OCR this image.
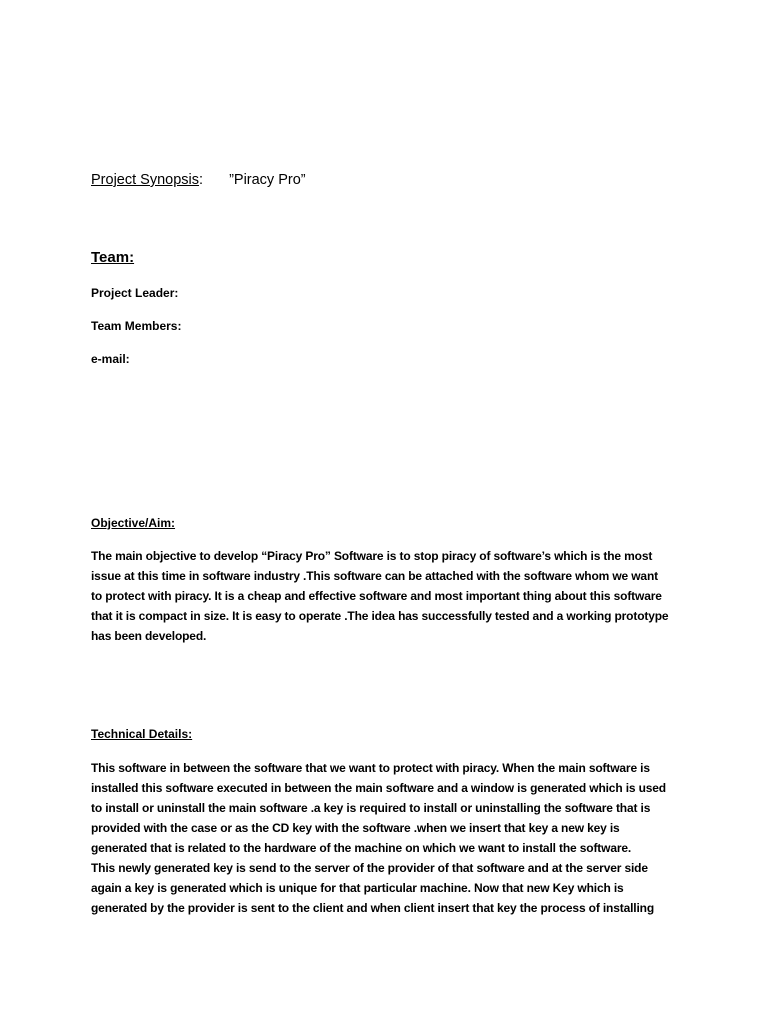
Project Synopsis: ”Piracy Pro”
Team:
Project Leader:
Team Members:
e-mail:
Objective/Aim:
The main objective to develop “Piracy Pro” Software is to stop piracy of software’s which is the most
issue at this time in software industry .This software can be attached with the software whom we want
to protect with piracy. It is a cheap and effective software and most important thing about this software
that it is compact in size. It is easy to operate .The idea has successfully tested and a working prototype
has been developed.
Technical Details:
This software in between the software that we want to protect with piracy. When the main software is
installed this software executed in between the main software and a window is generated which is used
to install or uninstall the main software .a key is required to install or uninstalling the software that is
provided with the case or as the CD key with the software .when we insert that key a new key is
generated that is related to the hardware of the machine on which we want to install the software.
This newly generated key is send to the server of the provider of that software and at the server side
again a key is generated which is unique for that particular machine. Now that new Key which is
generated by the provider is sent to the client and when client insert that key the process of installing
